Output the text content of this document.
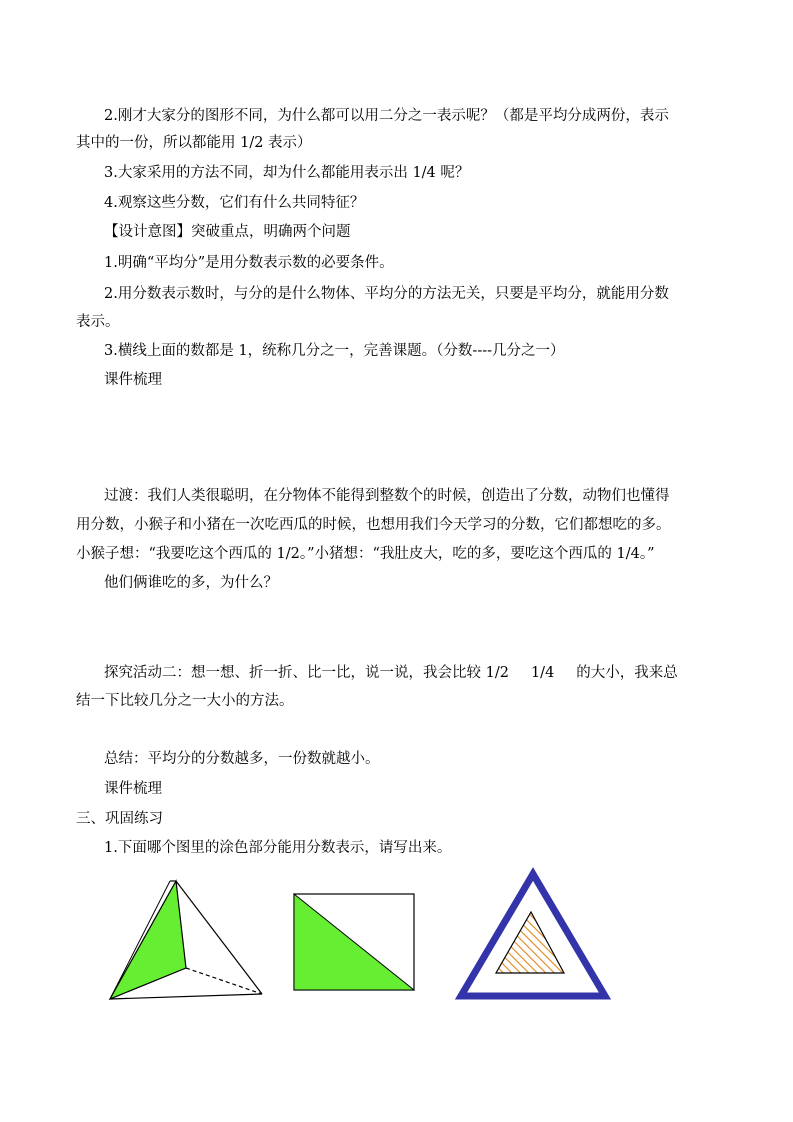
2.刚才大家分的图形不同，为什么都可以用二分之一表示呢？（都是平均分成两份，表示
其中的一份，所以都能用 1/2 表示）
3.大家采用的方法不同，却为什么都能用表示出 1/4 呢？
4.观察这些分数，它们有什么共同特征？
【设计意图】突破重点，明确两个问题
1.明确“平均分”是用分数表示数的必要条件。
2.用分数表示数时，与分的是什么物体、平均分的方法无关，只要是平均分，就能用分数
表示。
3.横线上面的数都是 1，统称几分之一，完善课题。（分数----几分之一）
课件梳理
过渡：我们人类很聪明，在分物体不能得到整数个的时候，创造出了分数，动物们也懂得
用分数，小猴子和小猪在一次吃西瓜的时候，也想用我们今天学习的分数，它们都想吃的多。
小猴子想：“我要吃这个西瓜的 1/2。”小猪想：“我肚皮大，吃的多，要吃这个西瓜的 1/4。”
他们俩谁吃的多，为什么？
探究活动二：想一想、折一折、比一比，说一说，我会比较 1/2 1/4 的大小，我来总
结一下比较几分之一大小的方法。
总结：平均分的分数越多，一份数就越小。
课件梳理
三、巩固练习
1.下面哪个图里的涂色部分能用分数表示，请写出来。
